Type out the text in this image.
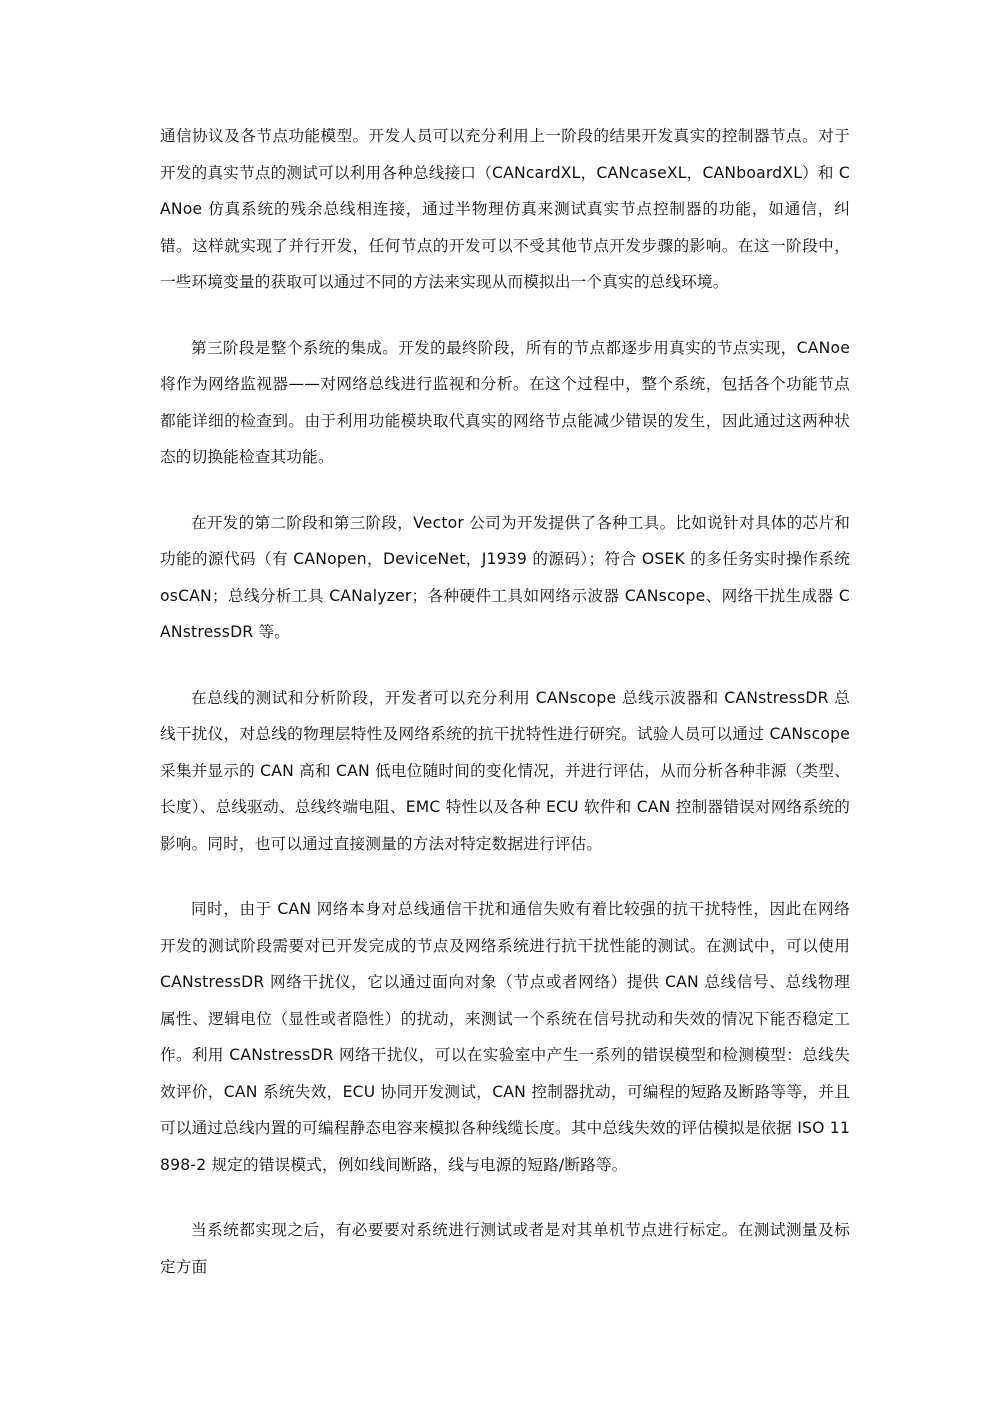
通信协议及各节点功能模型。开发人员可以充分利用上一阶段的结果开发真实的控制器节点。对于开发的真实节点的测试可以利用各种总线接口（CANcardXL，CANcaseXL，CANboardXL）和 CANoe 仿真系统的残余总线相连接，通过半物理仿真来测试真实节点控制器的功能，如通信，纠错。这样就实现了并行开发，任何节点的开发可以不受其他节点开发步骤的影响。在这一阶段中，一些环境变量的获取可以通过不同的方法来实现从而模拟出一个真实的总线环境。

第三阶段是整个系统的集成。开发的最终阶段，所有的节点都逐步用真实的节点实现，CANoe 将作为网络监视器——对网络总线进行监视和分析。在这个过程中，整个系统，包括各个功能节点都能详细的检查到。由于利用功能模块取代真实的网络节点能减少错误的发生，因此通过这两种状态的切换能检查其功能。

在开发的第二阶段和第三阶段，Vector 公司为开发提供了各种工具。比如说针对具体的芯片和功能的源代码（有 CANopen，DeviceNet，J1939 的源码）；符合 OSEK 的多任务实时操作系统 osCAN；总线分析工具 CANalyzer；各种硬件工具如网络示波器 CANscope、网络干扰生成器 CANstressDR 等。

在总线的测试和分析阶段，开发者可以充分利用 CANscope 总线示波器和 CANstressDR 总线干扰仪，对总线的物理层特性及网络系统的抗干扰特性进行研究。试验人员可以通过 CANscope 采集并显示的 CAN 高和 CAN 低电位随时间的变化情况，并进行评估，从而分析各种非源（类型、长度）、总线驱动、总线终端电阻、EMC 特性以及各种 ECU 软件和 CAN 控制器错误对网络系统的影响。同时，也可以通过直接测量的方法对特定数据进行评估。

同时，由于 CAN 网络本身对总线通信干扰和通信失败有着比较强的抗干扰特性，因此在网络开发的测试阶段需要对已开发完成的节点及网络系统进行抗干扰性能的测试。在测试中，可以使用 CANstressDR 网络干扰仪，它以通过面向对象（节点或者网络）提供 CAN 总线信号、总线物理属性、逻辑电位（显性或者隐性）的扰动，来测试一个系统在信号扰动和失效的情况下能否稳定工作。利用 CANstressDR 网络干扰仪，可以在实验室中产生一系列的错误模型和检测模型：总线失效评价，CAN 系统失效，ECU 协同开发测试，CAN 控制器扰动，可编程的短路及断路等等，并且可以通过总线内置的可编程静态电容来模拟各种线缆长度。其中总线失效的评估模拟是依据 ISO 11898-2 规定的错误模式，例如线间断路，线与电源的短路/断路等。

当系统都实现之后，有必要要对系统进行测试或者是对其单机节点进行标定。在测试测量及标定方面
